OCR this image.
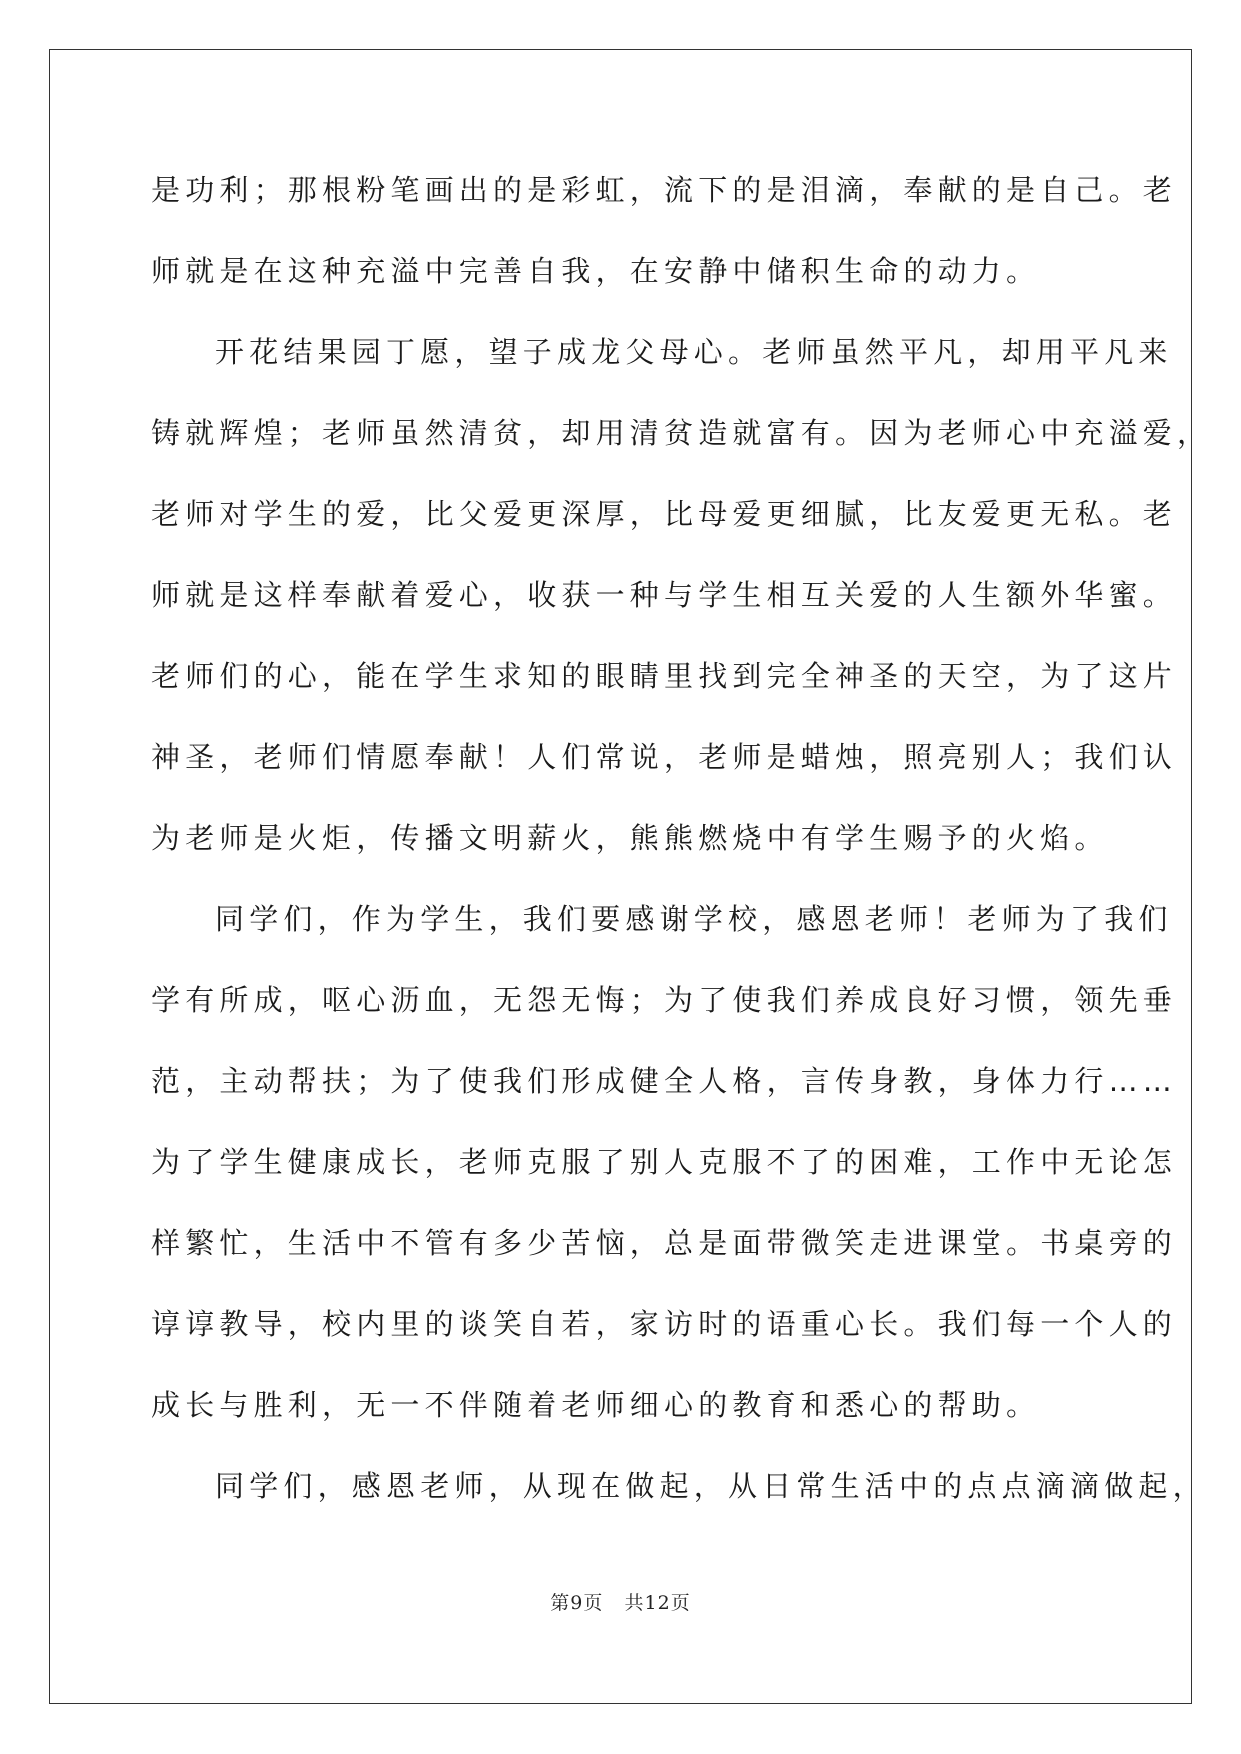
是功利；那根粉笔画出的是彩虹，流下的是泪滴，奉献的是自己。老
师就是在这种充溢中完善自我，在安静中储积生命的动力。
开花结果园丁愿，望子成龙父母心。老师虽然平凡，却用平凡来
铸就辉煌；老师虽然清贫，却用清贫造就富有。因为老师心中充溢爱，
老师对学生的爱，比父爱更深厚，比母爱更细腻，比友爱更无私。老
师就是这样奉献着爱心，收获一种与学生相互关爱的人生额外华蜜。
老师们的心，能在学生求知的眼睛里找到完全神圣的天空，为了这片
神圣，老师们情愿奉献！人们常说，老师是蜡烛，照亮别人；我们认
为老师是火炬，传播文明薪火，熊熊燃烧中有学生赐予的火焰。
同学们，作为学生，我们要感谢学校，感恩老师！老师为了我们
学有所成，呕心沥血，无怨无悔；为了使我们养成良好习惯，领先垂
范，主动帮扶；为了使我们形成健全人格，言传身教，身体力行……
为了学生健康成长，老师克服了别人克服不了的困难，工作中无论怎
样繁忙，生活中不管有多少苦恼，总是面带微笑走进课堂。书桌旁的
谆谆教导，校内里的谈笑自若，家访时的语重心长。我们每一个人的
成长与胜利，无一不伴随着老师细心的教育和悉心的帮助。
同学们，感恩老师，从现在做起，从日常生活中的点点滴滴做起，
第9页 共12页
